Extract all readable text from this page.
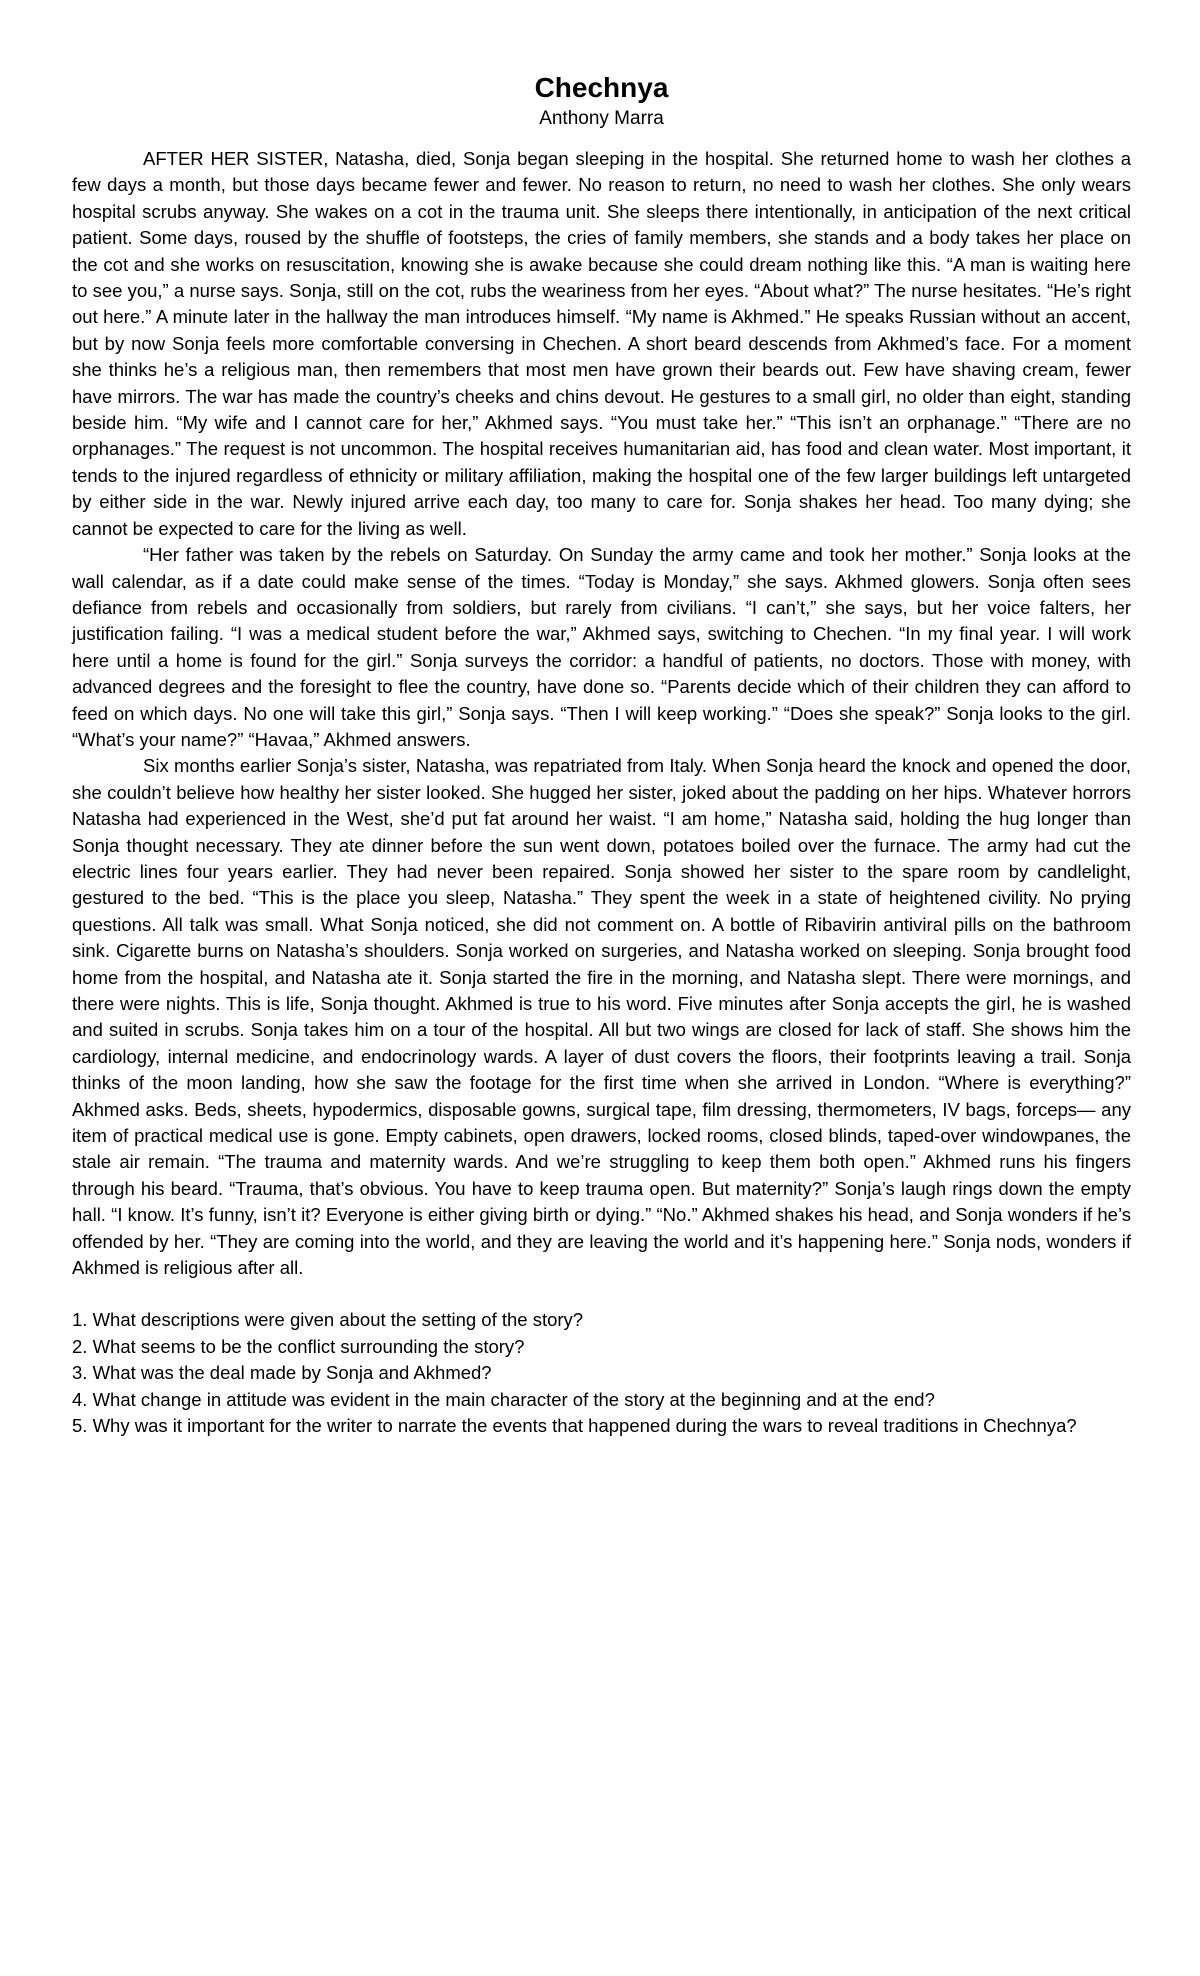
Chechnya
Anthony Marra

AFTER HER SISTER, Natasha, died, Sonja began sleeping in the hospital. She returned home to wash her clothes a few days a month, but those days became fewer and fewer. No reason to return, no need to wash her clothes. She only wears hospital scrubs anyway. She wakes on a cot in the trauma unit. She sleeps there intentionally, in anticipation of the next critical patient. Some days, roused by the shuffle of footsteps, the cries of family members, she stands and a body takes her place on the cot and she works on resuscitation, knowing she is awake because she could dream nothing like this. “A man is waiting here to see you,” a nurse says. Sonja, still on the cot, rubs the weariness from her eyes. “About what?” The nurse hesitates. “He’s right out here.” A minute later in the hallway the man introduces himself. “My name is Akhmed.” He speaks Russian without an accent, but by now Sonja feels more comfortable conversing in Chechen. A short beard descends from Akhmed’s face. For a moment she thinks he’s a religious man, then remembers that most men have grown their beards out. Few have shaving cream, fewer have mirrors. The war has made the country’s cheeks and chins devout. He gestures to a small girl, no older than eight, standing beside him. “My wife and I cannot care for her,” Akhmed says. “You must take her.” “This isn’t an orphanage.” “There are no orphanages.” The request is not uncommon. The hospital receives humanitarian aid, has food and clean water. Most important, it tends to the injured regardless of ethnicity or military affiliation, making the hospital one of the few larger buildings left untargeted by either side in the war. Newly injured arrive each day, too many to care for. Sonja shakes her head. Too many dying; she cannot be expected to care for the living as well.

“Her father was taken by the rebels on Saturday. On Sunday the army came and took her mother.” Sonja looks at the wall calendar, as if a date could make sense of the times. “Today is Monday,” she says. Akhmed glowers. Sonja often sees defiance from rebels and occasionally from soldiers, but rarely from civilians. “I can’t,” she says, but her voice falters, her justification failing. “I was a medical student before the war,” Akhmed says, switching to Chechen. “In my final year. I will work here until a home is found for the girl.” Sonja surveys the corridor: a handful of patients, no doctors. Those with money, with advanced degrees and the foresight to flee the country, have done so. “Parents decide which of their children they can afford to feed on which days. No one will take this girl,” Sonja says. “Then I will keep working.” “Does she speak?” Sonja looks to the girl. “What’s your name?” “Havaa,” Akhmed answers.

Six months earlier Sonja’s sister, Natasha, was repatriated from Italy. When Sonja heard the knock and opened the door, she couldn’t believe how healthy her sister looked. She hugged her sister, joked about the padding on her hips. Whatever horrors Natasha had experienced in the West, she’d put fat around her waist. “I am home,” Natasha said, holding the hug longer than Sonja thought necessary. They ate dinner before the sun went down, potatoes boiled over the furnace. The army had cut the electric lines four years earlier. They had never been repaired. Sonja showed her sister to the spare room by candlelight, gestured to the bed. “This is the place you sleep, Natasha.” They spent the week in a state of heightened civility. No prying questions. All talk was small. What Sonja noticed, she did not comment on. A bottle of Ribavirin antiviral pills on the bathroom sink. Cigarette burns on Natasha’s shoulders. Sonja worked on surgeries, and Natasha worked on sleeping. Sonja brought food home from the hospital, and Natasha ate it. Sonja started the fire in the morning, and Natasha slept. There were mornings, and there were nights. This is life, Sonja thought. Akhmed is true to his word. Five minutes after Sonja accepts the girl, he is washed and suited in scrubs. Sonja takes him on a tour of the hospital. All but two wings are closed for lack of staff. She shows him the cardiology, internal medicine, and endocrinology wards. A layer of dust covers the floors, their footprints leaving a trail. Sonja thinks of the moon landing, how she saw the footage for the first time when she arrived in London. “Where is everything?” Akhmed asks. Beds, sheets, hypodermics, disposable gowns, surgical tape, film dressing, thermometers, IV bags, forceps— any item of practical medical use is gone. Empty cabinets, open drawers, locked rooms, closed blinds, taped-over windowpanes, the stale air remain. “The trauma and maternity wards. And we’re struggling to keep them both open.” Akhmed runs his fingers through his beard. “Trauma, that’s obvious. You have to keep trauma open. But maternity?” Sonja’s laugh rings down the empty hall. “I know. It’s funny, isn’t it? Everyone is either giving birth or dying.” “No.” Akhmed shakes his head, and Sonja wonders if he’s offended by her. “They are coming into the world, and they are leaving the world and it’s happening here.” Sonja nods, wonders if Akhmed is religious after all.

1. What descriptions were given about the setting of the story?

2. What seems to be the conflict surrounding the story?

3. What was the deal made by Sonja and Akhmed?

4. What change in attitude was evident in the main character of the story at the beginning and at the end?

5. Why was it important for the writer to narrate the events that happened during the wars to reveal traditions in Chechnya?
